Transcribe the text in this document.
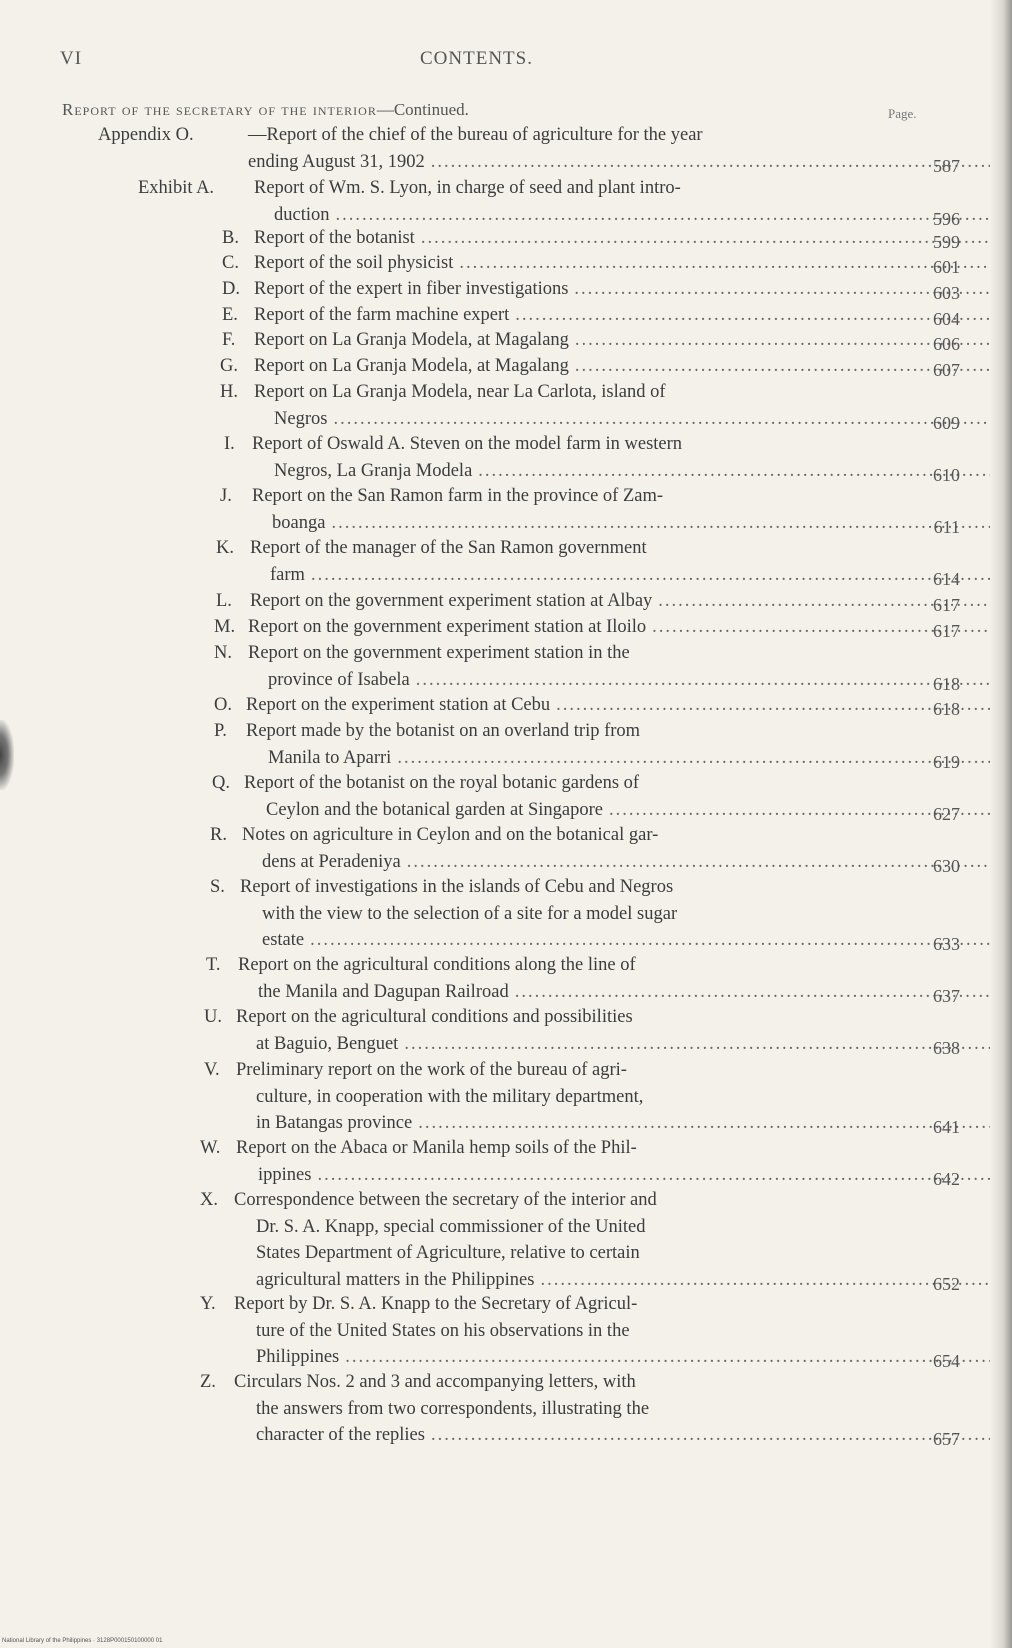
VI	CONTENTS.
Report of the secretary of the interior—Continued.	Page.
Appendix O.	—Report of the chief of the bureau of agriculture for the year
ending August 31, 1902 .....	587
Exhibit A.	Report of Wm. S. Lyon, in charge of seed and plant intro-
duction .....	596
B. Report of the botanist .....	599
C. Report of the soil physicist .....	601
D. Report of the expert in fiber investigations .....	603
E. Report of the farm machine expert .....	604
F.	Report on La Granja Modela, at Magalang .....	606
G. Report on La Granja Modela, at Magalang .....	607
H. Report on La Granja Modela, near La Carlota, island of
Negros .....	609
I. Report of Oswald A. Steven on the model farm in western
Negros, La Granja Modela .....	610
J.	Report on the San Ramon farm in the province of Zam-
boanga .....	611
K. Report of the manager of the San Ramon government
farm .....	614
L. Report on the government experiment station at Albay .....	617
M. Report on the government experiment station at Iloilo .....	617
N. Report on the government experiment station in the
province of Isabela .....	618
O. Report on the experiment station at Cebu .....	618
P.	Report made by the botanist on an overland trip from
Manila to Aparri .....	619
Q. Report of the botanist on the royal botanic gardens of
Ceylon and the botanical garden at Singapore .....	627
R. Notes on agriculture in Ceylon and on the botanical gar-
dens at Peradeniya .....	630
S. Report of investigations in the islands of Cebu and Negros
with the view to the selection of a site for a model sugar
estate .....	633
T. Report on the agricultural conditions along the line of
the Manila and Dagupan Railroad .....	637
U. Report on the agricultural conditions and possibilities
at Baguio, Benguet .....	638
V. Preliminary report on the work of the bureau of agri-
culture, in cooperation with the military department,
in Batangas province .....	641
W. Report on the Abaca or Manila hemp soils of the Phil-
ippines .....	642
X. Correspondence between the secretary of the interior and
Dr. S. A. Knapp, special commissioner of the United
States Department of Agriculture, relative to certain
agricultural matters in the Philippines .....	652
Y. Report by Dr. S. A. Knapp to the Secretary of Agricul-
ture of the United States on his observations in the
Philippines .....	654
Z. Circulars Nos. 2 and 3 and accompanying letters, with
the answers from two correspondents, illustrating the
character of the replies .....	657
National Library of the Philippines · 3128P000150100000 01
